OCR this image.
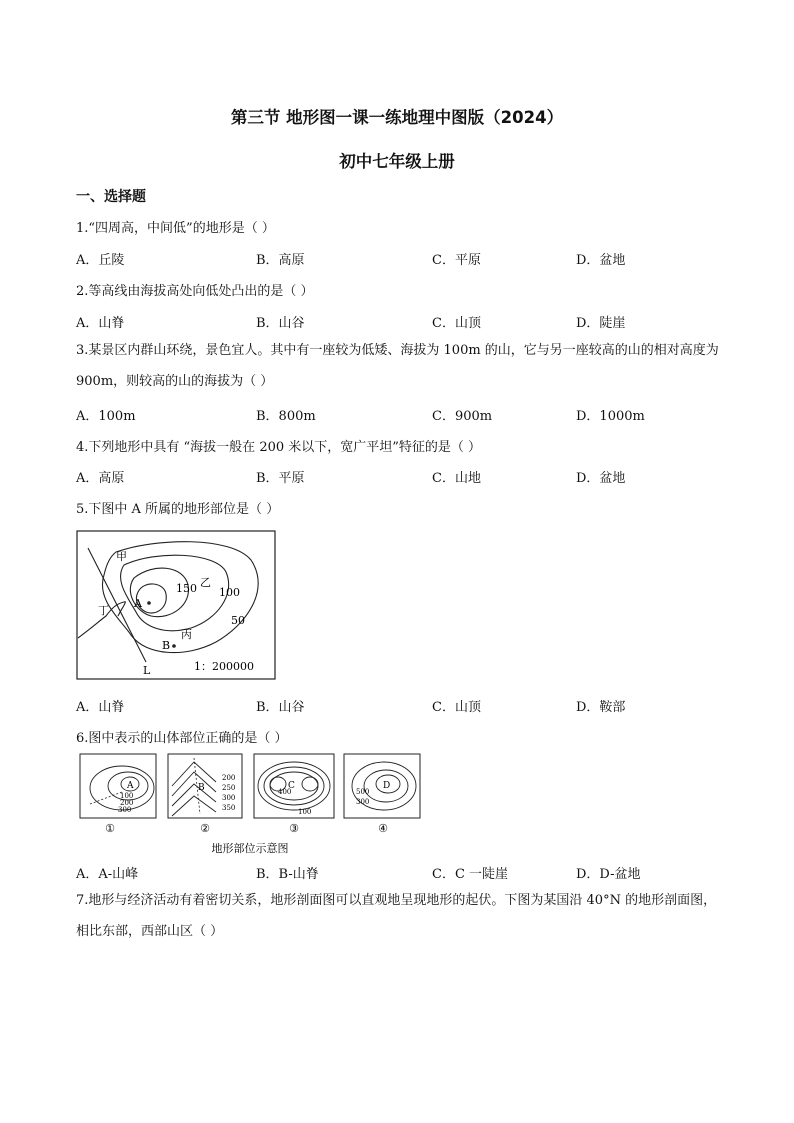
第三节 地形图一课一练地理中图版（2024）
初中七年级上册
一、选择题
1.“四周高，中间低”的地形是（ ）
A．丘陵	B．高原	C．平原	D．盆地
2.等高线由海拔高处向低处凸出的是（ ）
A．山脊	B．山谷	C．山顶	D．陡崖
3.某景区内群山环绕，景色宜人。其中有一座较为低矮、海拔为 100m 的山，它与另一座较高的山的相对高度为 900m，则较高的山的海拔为（ ）
A．100m	B．800m	C．900m	D．1000m
4.下列地形中具有 “海拔一般在 200 米以下，宽广平坦”特征的是（ ）
A．高原	B．平原	C．山地	D．盆地
5.下图中 A 所属的地形部位是（ ）
甲
乙
丙
丁
A
B
L
150 100
50
1：200000
A．山脊	B．山谷	C．山顶	D．鞍部
6.图中表示的山体部位正确的是（ ）
A
100
200
300
①
B
200
250
300
350
②
C
400
100
③
D
500
300
④
地形部位示意图
A．A-山峰	B．B-山脊	C．C 一陡崖	D．D-盆地
7.地形与经济活动有着密切关系，地形剖面图可以直观地呈现地形的起伏。下图为某国沿 40°N 的地形剖面图，相比东部，西部山区（ ）
